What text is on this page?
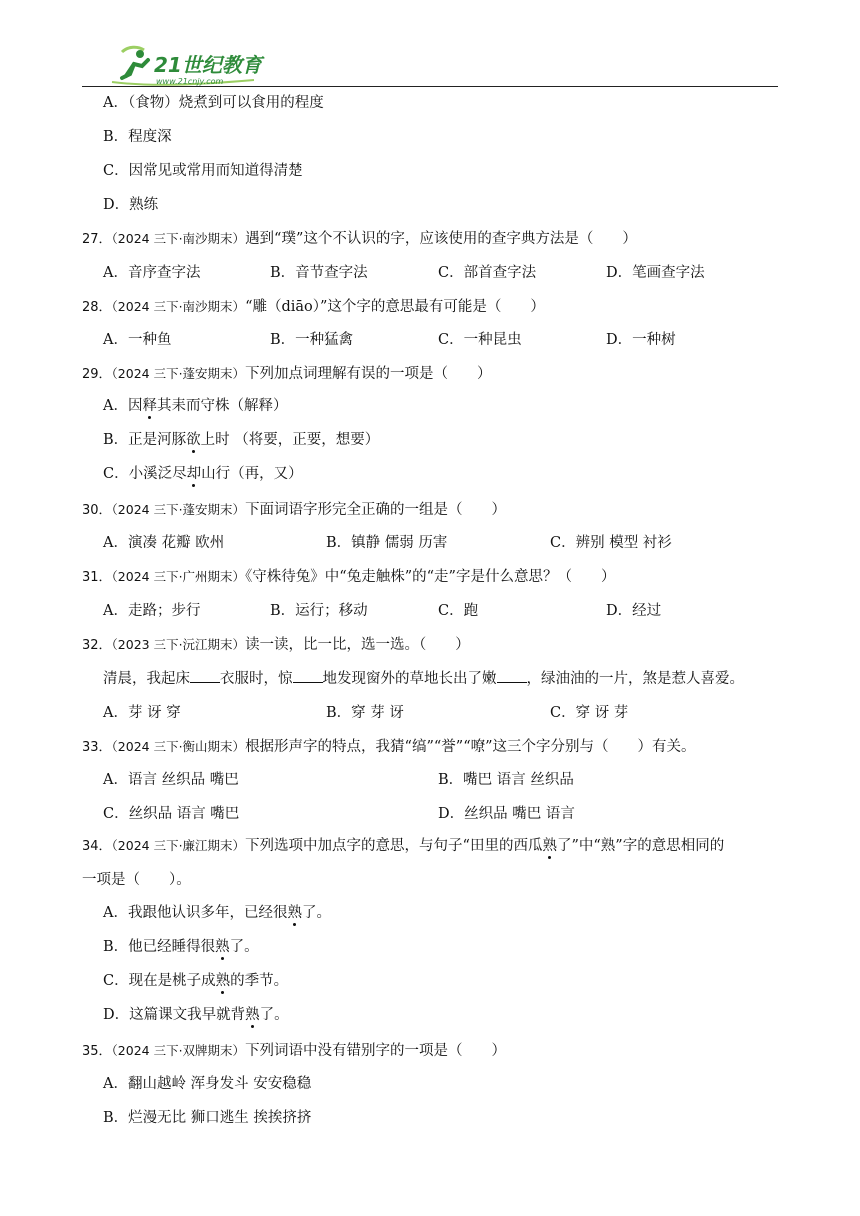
21世纪教育
www.21cnjy.com
A．（食物）烧煮到可以食用的程度
B．程度深
C．因常见或常用而知道得清楚
D．熟练
27．（2024 三下·南沙期末）遇到“璞”这个不认识的字，应该使用的查字典方法是（　　）
A．音序查字法	B．音节查字法	C．部首查字法	D．笔画查字法
28．（2024 三下·南沙期末）“雕（diāo）”这个字的意思最有可能是（　　）
A．一种鱼	B．一种猛禽	C．一种昆虫	D．一种树
29．（2024 三下·蓬安期末）下列加点词理解有误的一项是（　　）
A．因释其耒而守株（解释）
B．正是河豚欲上时 （将要，正要，想要）
C．小溪泛尽却山行（再，又）
30．（2024 三下·蓬安期末）下面词语字形完全正确的一组是（　　）
A．演凑 花瓣 欧州	B．镇静 儒弱 历害	C．辨别 模型 衬衫
31．（2024 三下·广州期末）《守株待兔》中“兔走触株”的“走”字是什么意思？（　　）
A．走路；步行	B．运行；移动	C．跑	D．经过
32．（2023 三下·沅江期末）读一读，比一比，选一选。（　　）
清晨，我起床 衣服时，惊 地发现窗外的草地长出了嫩 ，绿油油的一片，煞是惹人喜爱。
A．芽 讶 穿	B．穿 芽 讶	C．穿 讶 芽
33．（2024 三下·衡山期末）根据形声字的特点，我猜“缟”“誉”“嘹”这三个字分别与（　　）有关。
A．语言 丝织品 嘴巴	B．嘴巴 语言 丝织品
C．丝织品 语言 嘴巴	D．丝织品 嘴巴 语言
34．（2024 三下·廉江期末）下列选项中加点字的意思，与句子“田里的西瓜熟了”中“熟”字的意思相同的
一项是（　　）。
A．我跟他认识多年，已经很熟了。
B．他已经睡得很熟了。
C．现在是桃子成熟的季节。
D．这篇课文我早就背熟了。
35．（2024 三下·双牌期末）下列词语中没有错别字的一项是（　　）
A．翻山越岭 浑身发斗 安安稳稳
B．烂漫无比 狮口逃生 挨挨挤挤
